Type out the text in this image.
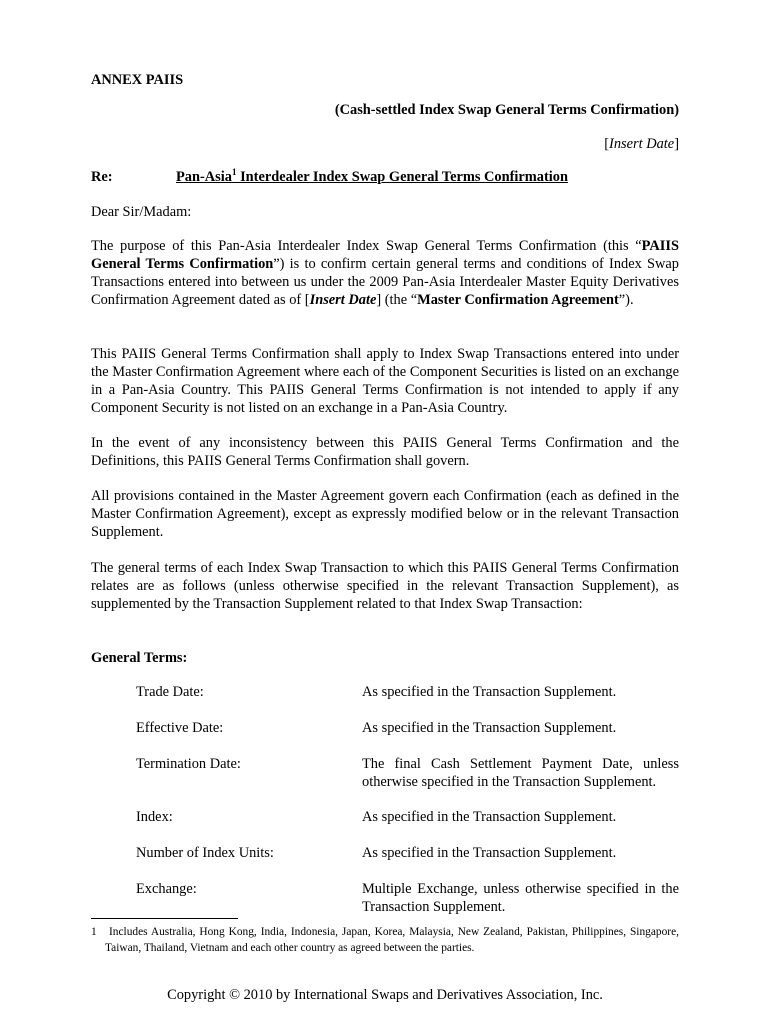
ANNEX PAIIS
(Cash-settled Index Swap General Terms Confirmation)
[Insert Date]
Re:	Pan-Asia$^1$ Interdealer Index Swap General Terms Confirmation
Dear Sir/Madam:
The purpose of this Pan-Asia Interdealer Index Swap General Terms Confirmation (this “PAIIS General Terms Confirmation”) is to confirm certain general terms and conditions of Index Swap Transactions entered into between us under the 2009 Pan-Asia Interdealer Master Equity Derivatives Confirmation Agreement dated as of [Insert Date] (the “Master Confirmation Agreement”).
This PAIIS General Terms Confirmation shall apply to Index Swap Transactions entered into under the Master Confirmation Agreement where each of the Component Securities is listed on an exchange in a Pan-Asia Country. This PAIIS General Terms Confirmation is not intended to apply if any Component Security is not listed on an exchange in a Pan-Asia Country.
In the event of any inconsistency between this PAIIS General Terms Confirmation and the Definitions, this PAIIS General Terms Confirmation shall govern.
All provisions contained in the Master Agreement govern each Confirmation (each as defined in the Master Confirmation Agreement), except as expressly modified below or in the relevant Transaction Supplement.
The general terms of each Index Swap Transaction to which this PAIIS General Terms Confirmation relates are as follows (unless otherwise specified in the relevant Transaction Supplement), as supplemented by the Transaction Supplement related to that Index Swap Transaction:
General Terms:
Trade Date:	As specified in the Transaction Supplement.
Effective Date:	As specified in the Transaction Supplement.
Termination Date:	The final Cash Settlement Payment Date, unless otherwise specified in the Transaction Supplement.
Index:	As specified in the Transaction Supplement.
Number of Index Units:	As specified in the Transaction Supplement.
Exchange:	Multiple Exchange, unless otherwise specified in the Transaction Supplement.
1	Includes Australia, Hong Kong, India, Indonesia, Japan, Korea, Malaysia, New Zealand, Pakistan, Philippines, Singapore, Taiwan, Thailand, Vietnam and each other country as agreed between the parties.
Copyright © 2010 by International Swaps and Derivatives Association, Inc.
